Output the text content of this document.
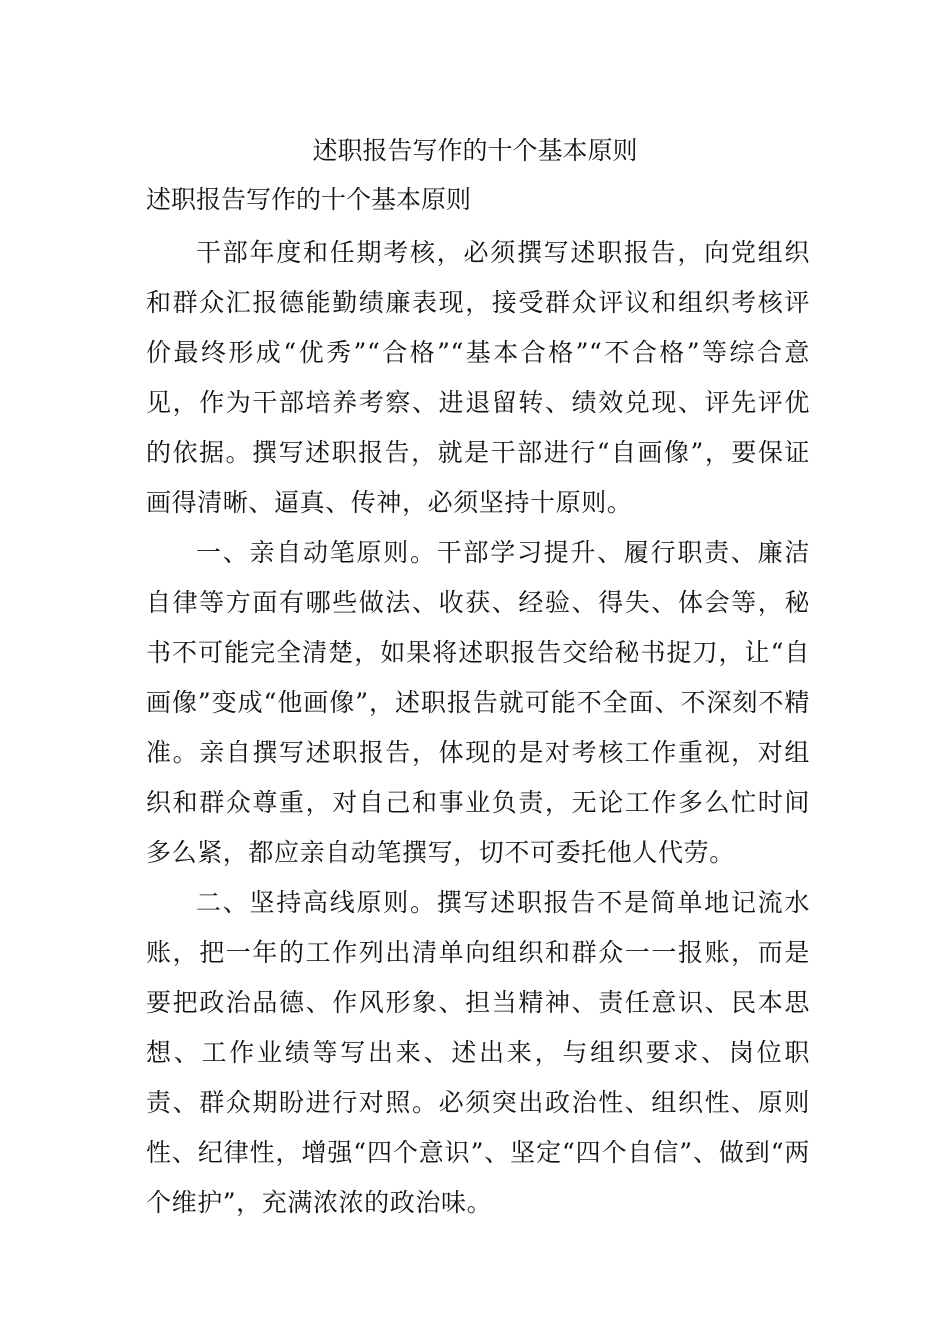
述职报告写作的十个基本原则
述职报告写作的十个基本原则

干部年度和任期考核，必须撰写述职报告，向党组织和群众汇报德能勤绩廉表现，接受群众评议和组织考核评价最终形成“优秀”“合格”“基本合格”“不合格”等综合意见，作为干部培养考察、进退留转、绩效兑现、评先评优的依据。撰写述职报告，就是干部进行“自画像”，要保证画得清晰、逼真、传神，必须坚持十原则。

一、亲自动笔原则。干部学习提升、履行职责、廉洁自律等方面有哪些做法、收获、经验、得失、体会等，秘书不可能完全清楚，如果将述职报告交给秘书捉刀，让“自画像”变成“他画像”，述职报告就可能不全面、不深刻不精准。亲自撰写述职报告，体现的是对考核工作重视，对组织和群众尊重，对自己和事业负责，无论工作多么忙时间多么紧，都应亲自动笔撰写，切不可委托他人代劳。

二、坚持高线原则。撰写述职报告不是简单地记流水账，把一年的工作列出清单向组织和群众一一报账，而是要把政治品德、作风形象、担当精神、责任意识、民本思想、工作业绩等写出来、述出来，与组织要求、岗位职责、群众期盼进行对照。必须突出政治性、组织性、原则性、纪律性，增强“四个意识”、坚定“四个自信”、做到“两个维护”，充满浓浓的政治味。
